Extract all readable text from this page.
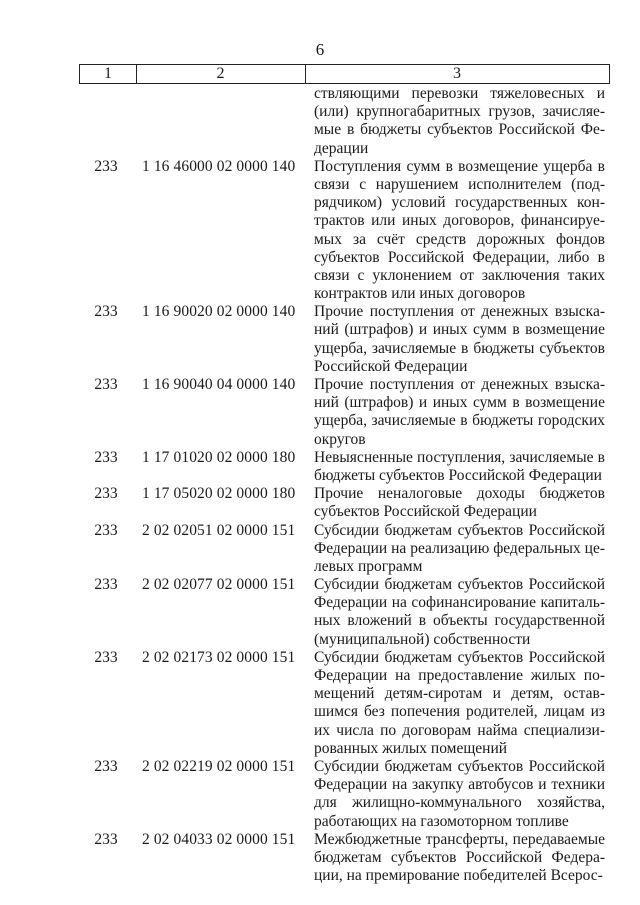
6
1	2	3
ствляющими перевозки тяжеловесных и
(или) крупногабаритных грузов, зачисляе-
мые в бюджеты субъектов Российской Фе-
дерации
233	1 16 46000 02 0000 140	Поступления сумм в возмещение ущерба в
связи с нарушением исполнителем (под-
рядчиком) условий государственных кон-
трактов или иных договоров, финансируе-
мых за счёт средств дорожных фондов
субъектов Российской Федерации, либо в
связи с уклонением от заключения таких
контрактов или иных договоров
233	1 16 90020 02 0000 140	Прочие поступления от денежных взыска-
ний (штрафов) и иных сумм в возмещение
ущерба, зачисляемые в бюджеты субъектов
Российской Федерации
233	1 16 90040 04 0000 140	Прочие поступления от денежных взыска-
ний (штрафов) и иных сумм в возмещение
ущерба, зачисляемые в бюджеты городских
округов
233	1 17 01020 02 0000 180	Невыясненные поступления, зачисляемые в
бюджеты субъектов Российской Федерации
233	1 17 05020 02 0000 180	Прочие неналоговые доходы бюджетов
субъектов Российской Федерации
233	2 02 02051 02 0000 151	Субсидии бюджетам субъектов Российской
Федерации на реализацию федеральных це-
левых программ
233	2 02 02077 02 0000 151	Субсидии бюджетам субъектов Российской
Федерации на софинансирование капиталь-
ных вложений в объекты государственной
(муниципальной) собственности
233	2 02 02173 02 0000 151	Субсидии бюджетам субъектов Российской
Федерации на предоставление жилых по-
мещений детям-сиротам и детям, остав-
шимся без попечения родителей, лицам из
их числа по договорам найма специализи-
рованных жилых помещений
233	2 02 02219 02 0000 151	Субсидии бюджетам субъектов Российской
Федерации на закупку автобусов и техники
для жилищно-коммунального хозяйства,
работающих на газомоторном топливе
233	2 02 04033 02 0000 151	Межбюджетные трансферты, передаваемые
бюджетам субъектов Российской Федера-
ции, на премирование победителей Всерос-
